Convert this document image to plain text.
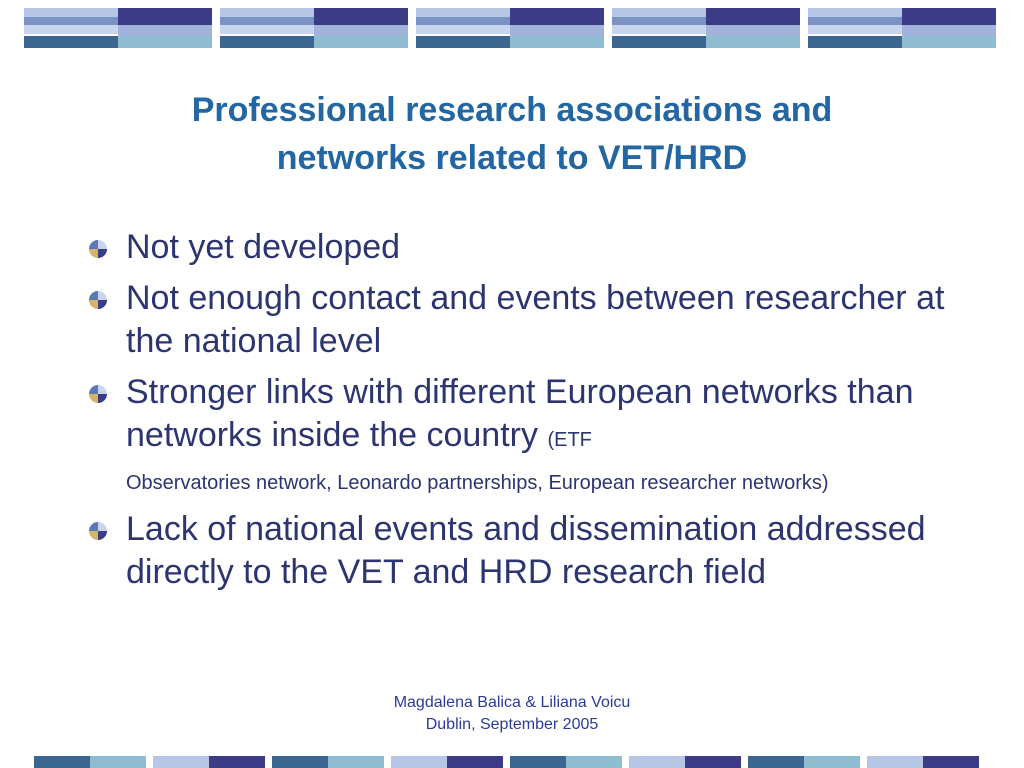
Professional research associations and
networks related to VET/HRD
Not yet developed
Not enough contact and events between researcher at the national level
Stronger links with different European networks than networks inside the country (ETF
Observatories network, Leonardo partnerships, European researcher networks)
Lack of national events and dissemination addressed directly to the VET and HRD research field
Magdalena Balica & Liliana Voicu
Dublin, September 2005
